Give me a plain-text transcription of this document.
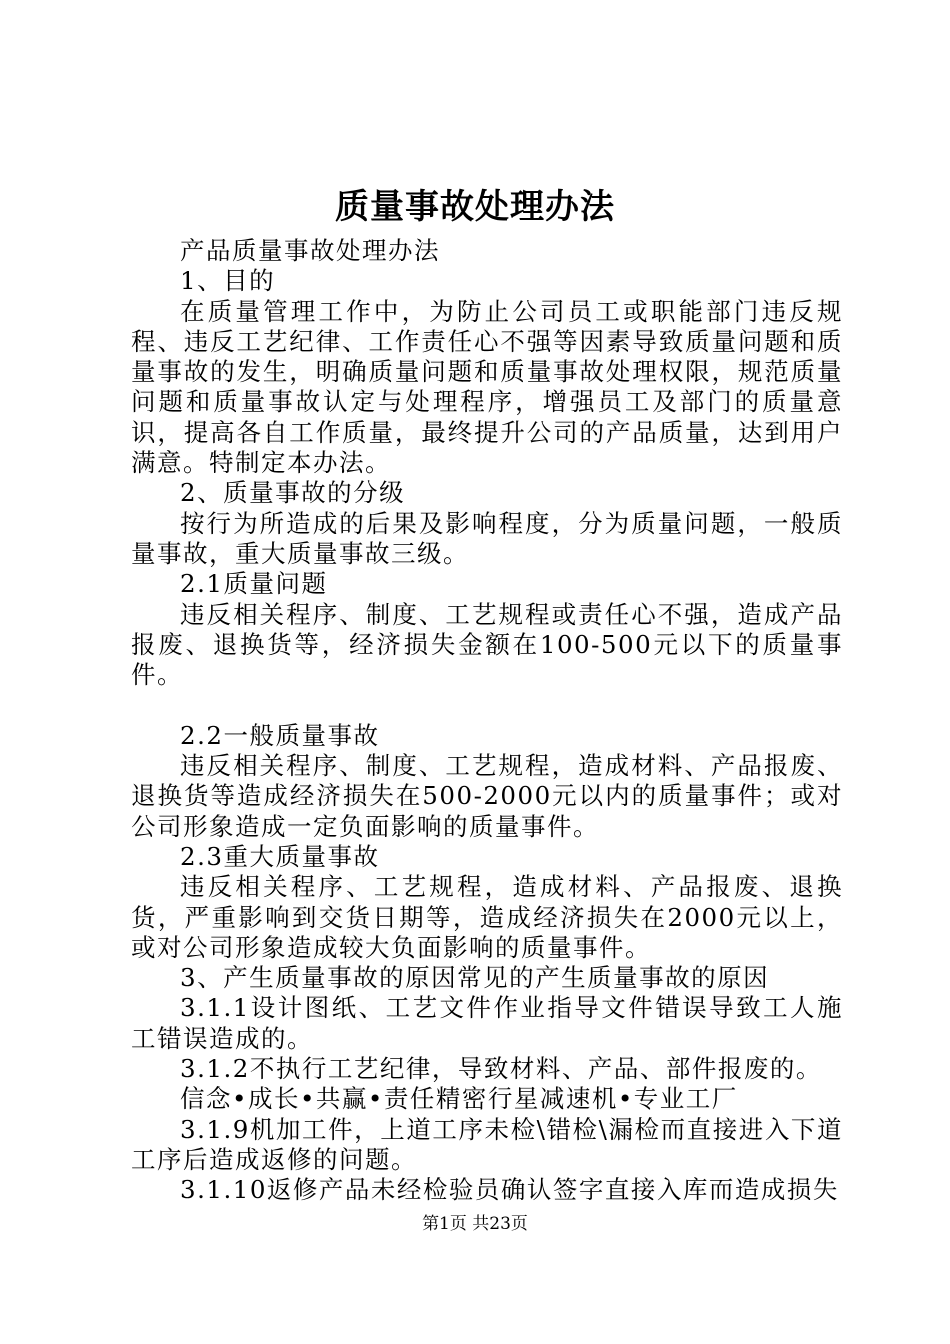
质量事故处理办法

产品质量事故处理办法

1、目的

在质量管理工作中，为防止公司员工或职能部门违反规程、违反工艺纪律、工作责任心不强等因素导致质量问题和质量事故的发生，明确质量问题和质量事故处理权限，规范质量问题和质量事故认定与处理程序，增强员工及部门的质量意识，提高各自工作质量，最终提升公司的产品质量，达到用户满意。特制定本办法。

2、质量事故的分级

按行为所造成的后果及影响程度，分为质量问题，一般质量事故，重大质量事故三级。

2.1质量问题

违反相关程序、制度、工艺规程或责任心不强，造成产品报废、退换货等，经济损失金额在100-500元以下的质量事件。

2.2一般质量事故

违反相关程序、制度、工艺规程，造成材料、产品报废、退换货等造成经济损失在500-2000元以内的质量事件；或对公司形象造成一定负面影响的质量事件。

2.3重大质量事故

违反相关程序、工艺规程，造成材料、产品报废、退换货，严重影响到交货日期等，造成经济损失在2000元以上，或对公司形象造成较大负面影响的质量事件。

3、产生质量事故的原因常见的产生质量事故的原因

3.1.1设计图纸、工艺文件作业指导文件错误导致工人施工错误造成的。

3.1.2不执行工艺纪律，导致材料、产品、部件报废的。

信念•成长•共赢•责任精密行星减速机•专业工厂

3.1.9机加工件，上道工序未检\错检\漏检而直接进入下道工序后造成返修的问题。

3.1.10返修产品未经检验员确认签字直接入库而造成损失

第1页 共23页
